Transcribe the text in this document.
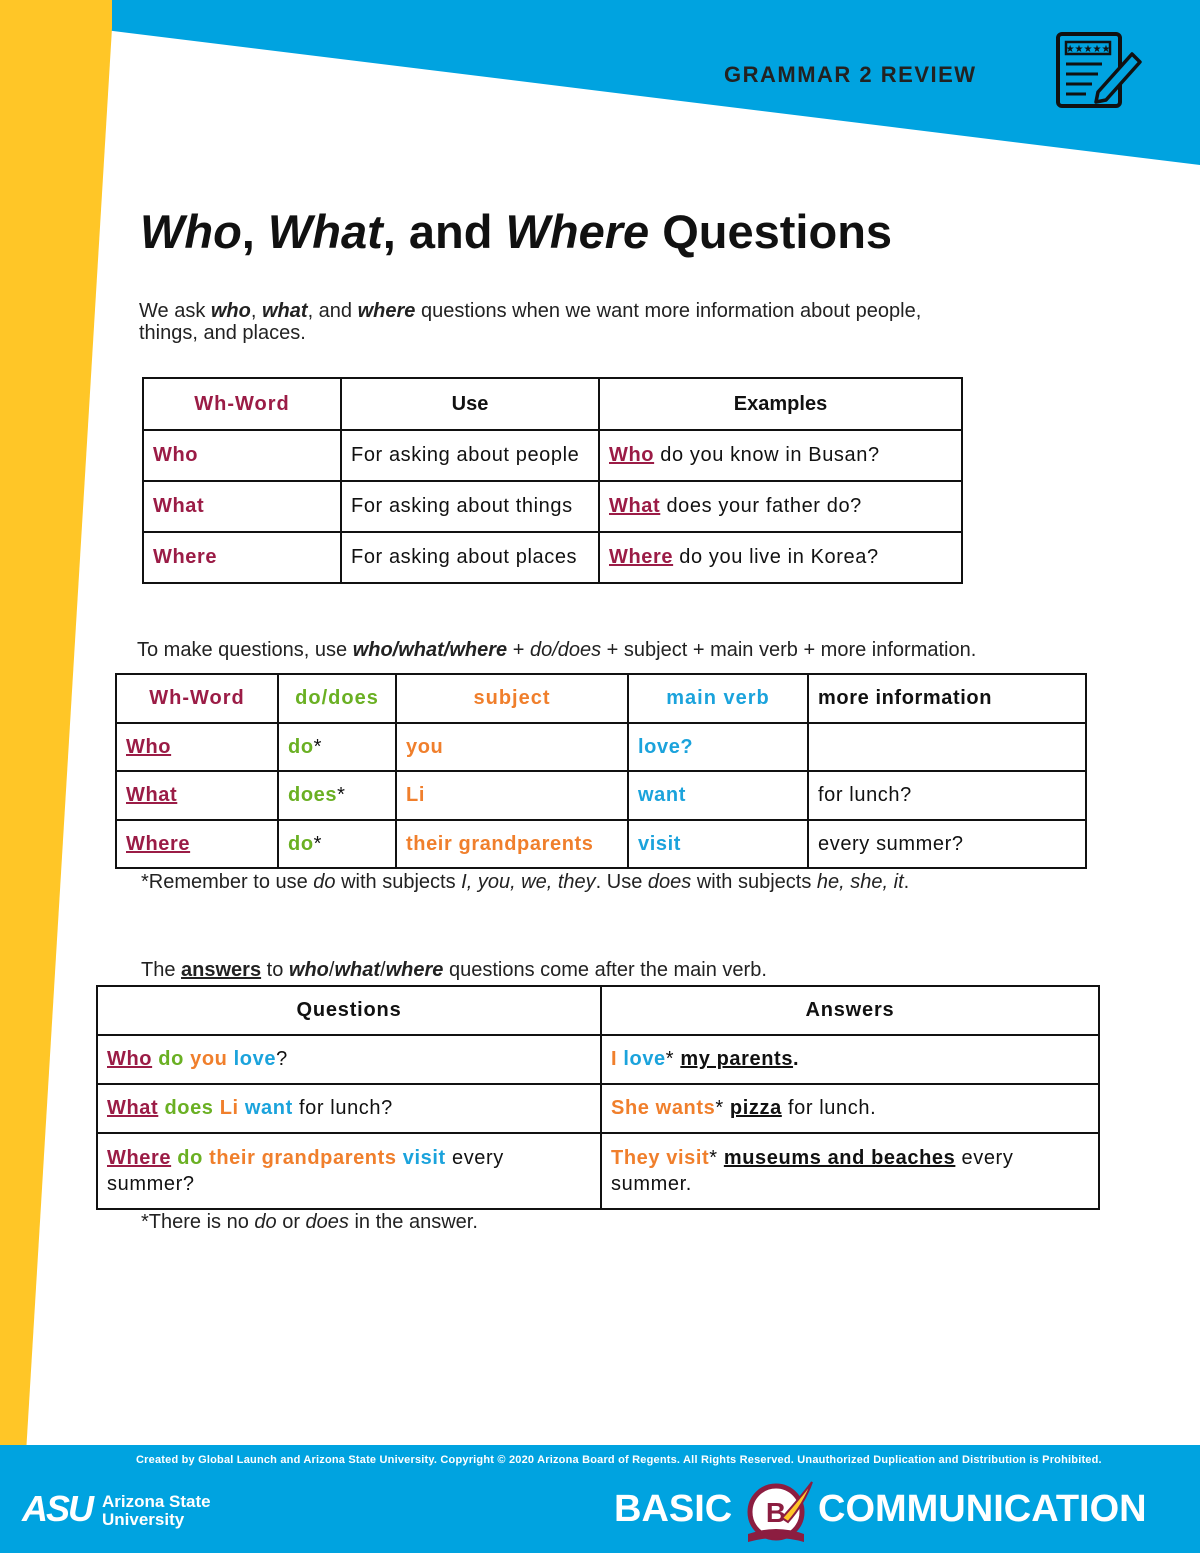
GRAMMAR 2 REVIEW
★★★★★
Who, What, and Where Questions
We ask who, what, and where questions when we want more information about people,
things, and places.
Wh-Word	Use	Examples
Who	For asking about people	Who do you know in Busan?
What	For asking about things	What does your father do?
Where	For asking about places	Where do you live in Korea?
To make questions, use who/what/where + do/does + subject + main verb + more information.
Wh-Word	do/does	subject	main verb	more information
Who	do*	you	love?	
What	does*	Li	want	for lunch?
Where	do*	their grandparents	visit	every summer?
*Remember to use do with subjects I, you, we, they. Use does with subjects he, she, it.
The answers to who/what/where questions come after the main verb.
Questions	Answers
Who do you love?	I love* my parents.
What does Li want for lunch?	She wants* pizza for lunch.
Where do their grandparents visit every summer?	They visit* museums and beaches every summer.
*There is no do or does in the answer.
Created by Global Launch and Arizona State University. Copyright © 2020 Arizona Board of Regents. All Rights Reserved. Unauthorized Duplication and Distribution is Prohibited.
ASU Arizona State
University	BASIC B COMMUNICATION
